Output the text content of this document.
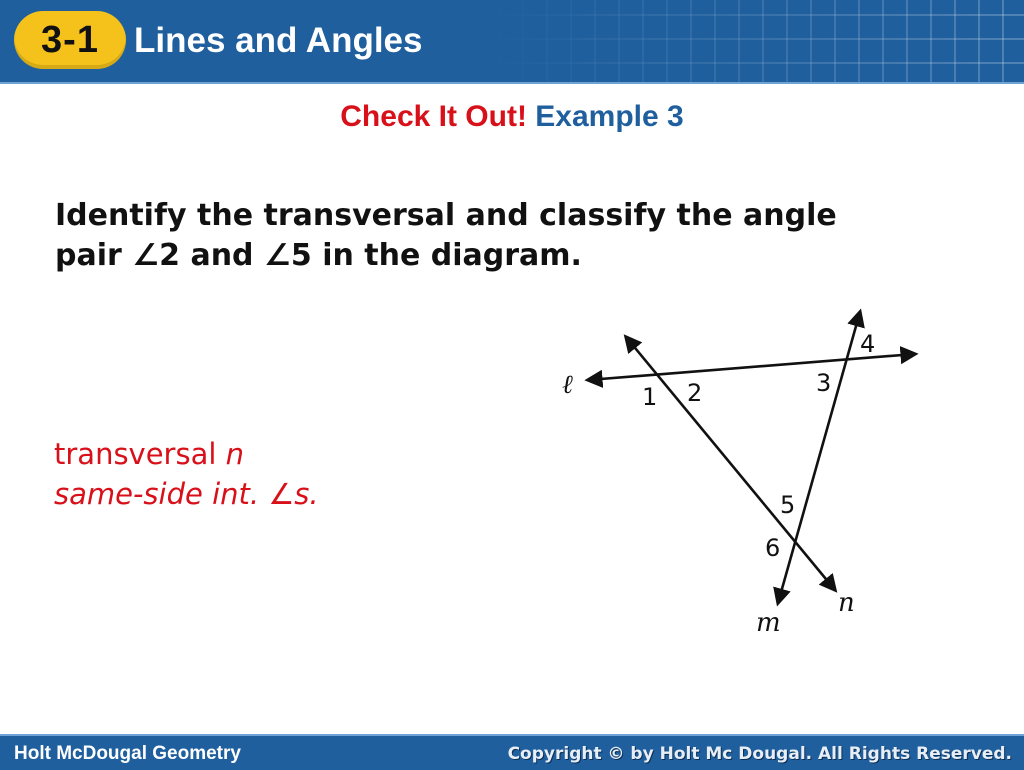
3-1 Lines and Angles
Check It Out! Example 3
Identify the transversal and classify the angle
pair ∠2 and ∠5 in the diagram.
transversal n
same-side int. ∠s.
ℓ
n
m
1 2	3
4
5
6
Holt McDougal Geometry	Copyright © by Holt Mc Dougal. All Rights Reserved.
